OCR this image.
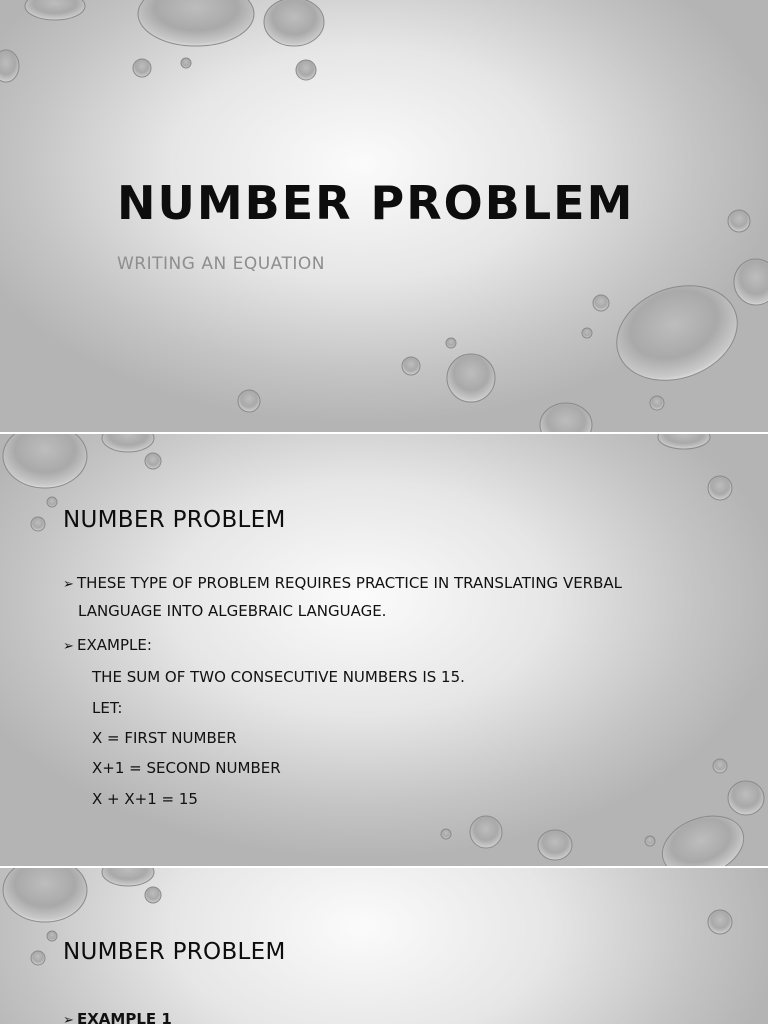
NUMBER PROBLEM

WRITING AN EQUATION

NUMBER PROBLEM
➢ THESE TYPE OF PROBLEM REQUIRES PRACTICE IN TRANSLATING VERBAL
LANGUAGE INTO ALGEBRAIC LANGUAGE.
➢ EXAMPLE:
THE SUM OF TWO CONSECUTIVE NUMBERS IS 15.
LET:
X = FIRST NUMBER
X+1 = SECOND NUMBER
X + X+1 = 15
NUMBER PROBLEM
➢ EXAMPLE 1
